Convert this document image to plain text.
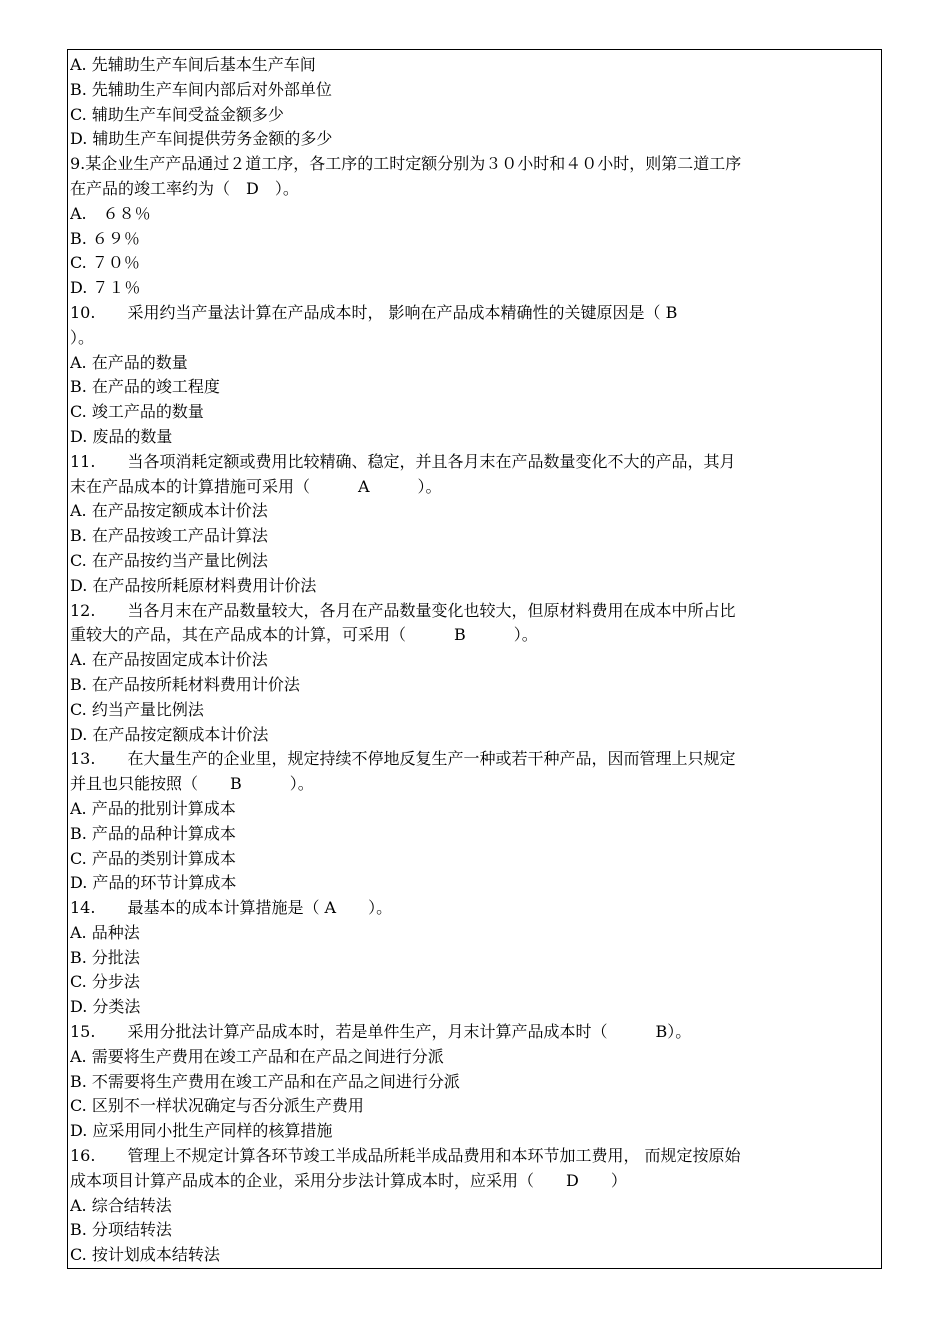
A. 先辅助生产车间后基本生产车间
B. 先辅助生产车间内部后对外部单位
C. 辅助生产车间受益金额多少
D. 辅助生产车间提供劳务金额的多少
9.某企业生产产品通过２道工序，各工序的工时定额分别为３０小时和４０小时，则第二道工序
在产品的竣工率约为（　D　）。
A.　６８％
B. ６９％
C. ７０％
D. ７１％
10.　　采用约当产量法计算在产品成本时， 影响在产品成本精确性的关键原因是（ B
）。
A. 在产品的数量
B. 在产品的竣工程度
C. 竣工产品的数量
D. 废品的数量
11.　　当各项消耗定额或费用比较精确、稳定，并且各月末在产品数量变化不大的产品，其月
末在产品成本的计算措施可采用（　　　A　　　）。
A. 在产品按定额成本计价法
B. 在产品按竣工产品计算法
C. 在产品按约当产量比例法
D. 在产品按所耗原材料费用计价法
12.　　当各月末在产品数量较大，各月在产品数量变化也较大，但原材料费用在成本中所占比
重较大的产品，其在产品成本的计算，可采用（　　　B　　　）。
A. 在产品按固定成本计价法
B. 在产品按所耗材料费用计价法
C. 约当产量比例法
D. 在产品按定额成本计价法
13.　　在大量生产的企业里，规定持续不停地反复生产一种或若干种产品，因而管理上只规定
并且也只能按照（　　B　　　）。
A. 产品的批别计算成本
B. 产品的品种计算成本
C. 产品的类别计算成本
D. 产品的环节计算成本
14.　　最基本的成本计算措施是（ A　　）。
A. 品种法
B. 分批法
C. 分步法
D. 分类法
15.　　采用分批法计算产品成本时，若是单件生产，月末计算产品成本时（　　　B）。
A. 需要将生产费用在竣工产品和在产品之间进行分派
B. 不需要将生产费用在竣工产品和在产品之间进行分派
C. 区别不一样状况确定与否分派生产费用
D. 应采用同小批生产同样的核算措施
16.　　管理上不规定计算各环节竣工半成品所耗半成品费用和本环节加工费用， 而规定按原始
成本项目计算产品成本的企业，采用分步法计算成本时，应采用（　　D　　）
A. 综合结转法
B. 分项结转法
C. 按计划成本结转法
